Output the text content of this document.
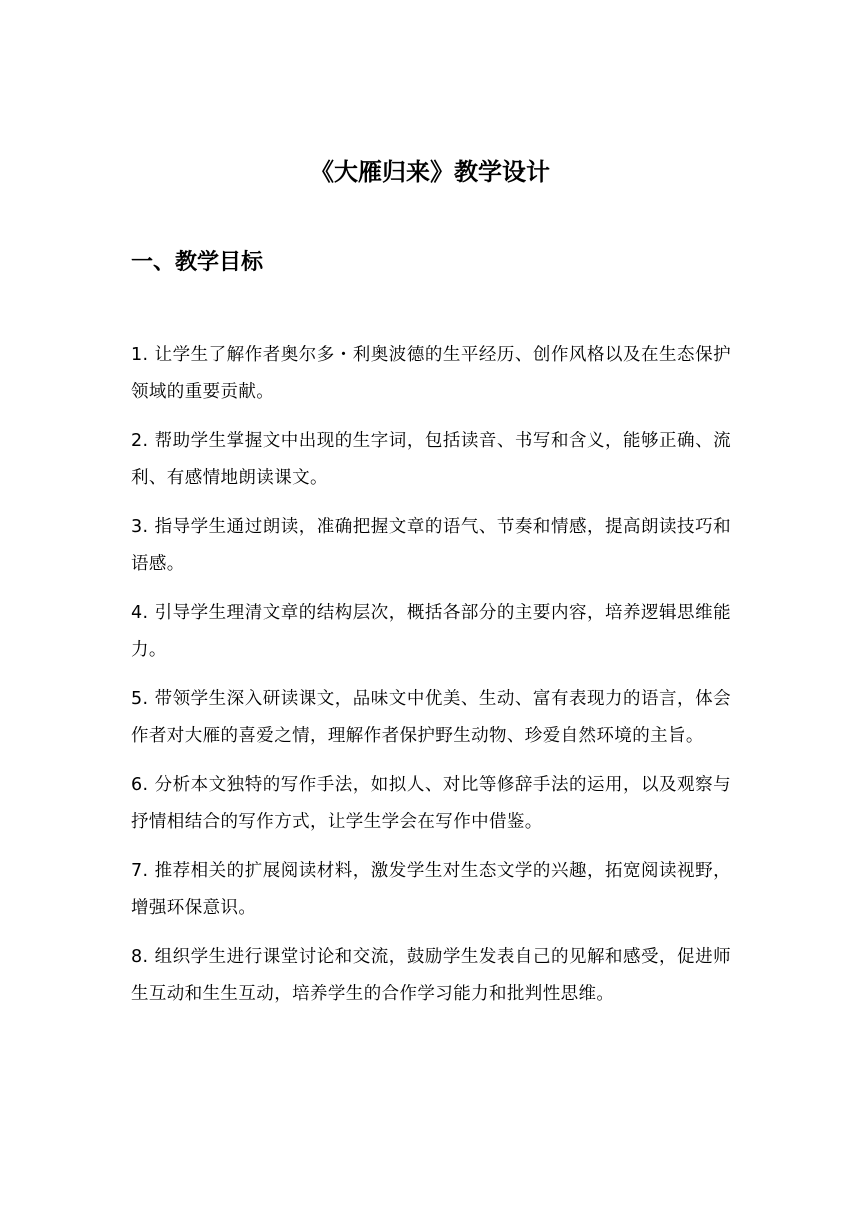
《大雁归来》教学设计
一、教学目标
1. 让学生了解作者奥尔多・利奥波德的生平经历、创作风格以及在生态保护领域的重要贡献。
2. 帮助学生掌握文中出现的生字词，包括读音、书写和含义，能够正确、流利、有感情地朗读课文。
3. 指导学生通过朗读，准确把握文章的语气、节奏和情感，提高朗读技巧和语感。
4. 引导学生理清文章的结构层次，概括各部分的主要内容，培养逻辑思维能力。
5. 带领学生深入研读课文，品味文中优美、生动、富有表现力的语言，体会作者对大雁的喜爱之情，理解作者保护野生动物、珍爱自然环境的主旨。
6. 分析本文独特的写作手法，如拟人、对比等修辞手法的运用，以及观察与抒情相结合的写作方式，让学生学会在写作中借鉴。
7. 推荐相关的扩展阅读材料，激发学生对生态文学的兴趣，拓宽阅读视野，增强环保意识。
8. 组织学生进行课堂讨论和交流，鼓励学生发表自己的见解和感受，促进师生互动和生生互动，培养学生的合作学习能力和批判性思维。
